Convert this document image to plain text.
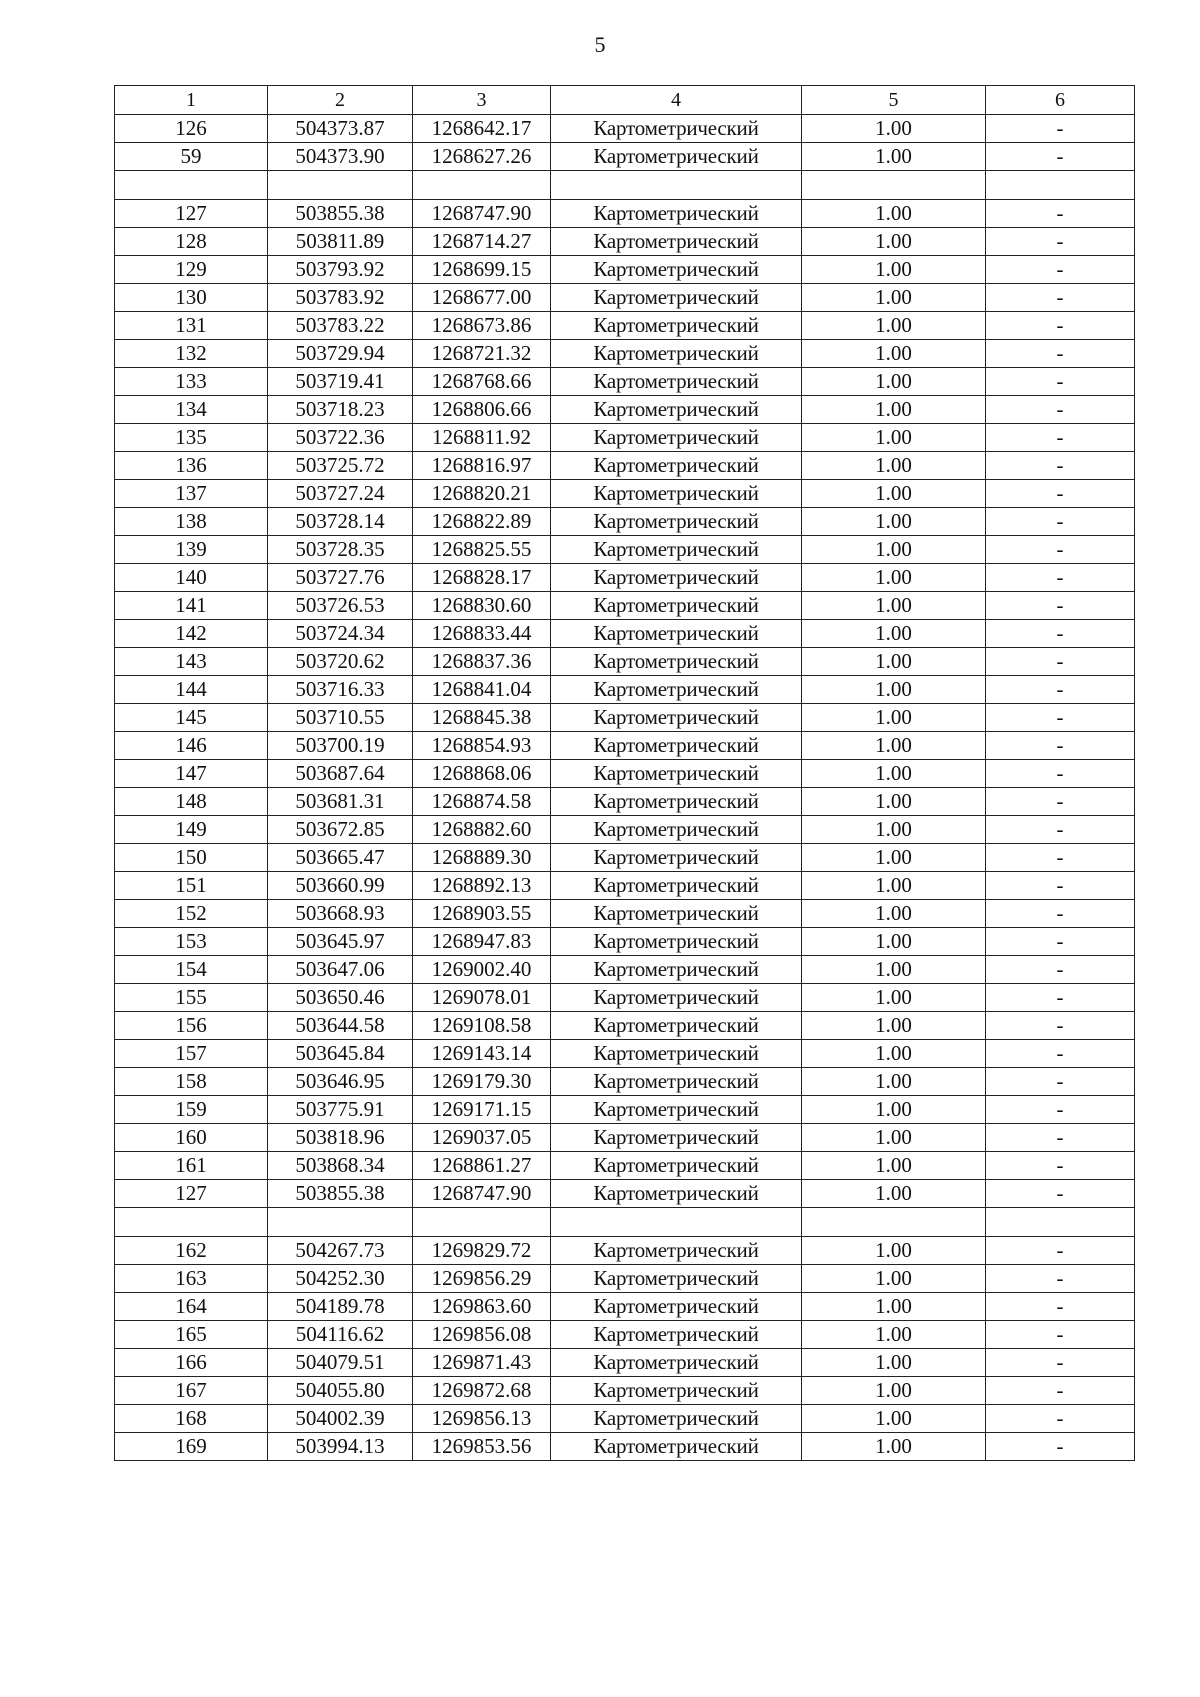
5
1	2	3	4	5	6
126	504373.87	1268642.17	Картометрический	1.00	-
59	504373.90	1268627.26	Картометрический	1.00	-

127	503855.38	1268747.90	Картометрический	1.00	-
128	503811.89	1268714.27	Картометрический	1.00	-
129	503793.92	1268699.15	Картометрический	1.00	-
130	503783.92	1268677.00	Картометрический	1.00	-
131	503783.22	1268673.86	Картометрический	1.00	-
132	503729.94	1268721.32	Картометрический	1.00	-
133	503719.41	1268768.66	Картометрический	1.00	-
134	503718.23	1268806.66	Картометрический	1.00	-
135	503722.36	1268811.92	Картометрический	1.00	-
136	503725.72	1268816.97	Картометрический	1.00	-
137	503727.24	1268820.21	Картометрический	1.00	-
138	503728.14	1268822.89	Картометрический	1.00	-
139	503728.35	1268825.55	Картометрический	1.00	-
140	503727.76	1268828.17	Картометрический	1.00	-
141	503726.53	1268830.60	Картометрический	1.00	-
142	503724.34	1268833.44	Картометрический	1.00	-
143	503720.62	1268837.36	Картометрический	1.00	-
144	503716.33	1268841.04	Картометрический	1.00	-
145	503710.55	1268845.38	Картометрический	1.00	-
146	503700.19	1268854.93	Картометрический	1.00	-
147	503687.64	1268868.06	Картометрический	1.00	-
148	503681.31	1268874.58	Картометрический	1.00	-
149	503672.85	1268882.60	Картометрический	1.00	-
150	503665.47	1268889.30	Картометрический	1.00	-
151	503660.99	1268892.13	Картометрический	1.00	-
152	503668.93	1268903.55	Картометрический	1.00	-
153	503645.97	1268947.83	Картометрический	1.00	-
154	503647.06	1269002.40	Картометрический	1.00	-
155	503650.46	1269078.01	Картометрический	1.00	-
156	503644.58	1269108.58	Картометрический	1.00	-
157	503645.84	1269143.14	Картометрический	1.00	-
158	503646.95	1269179.30	Картометрический	1.00	-
159	503775.91	1269171.15	Картометрический	1.00	-
160	503818.96	1269037.05	Картометрический	1.00	-
161	503868.34	1268861.27	Картометрический	1.00	-
127	503855.38	1268747.90	Картометрический	1.00	-

162	504267.73	1269829.72	Картометрический	1.00	-
163	504252.30	1269856.29	Картометрический	1.00	-
164	504189.78	1269863.60	Картометрический	1.00	-
165	504116.62	1269856.08	Картометрический	1.00	-
166	504079.51	1269871.43	Картометрический	1.00	-
167	504055.80	1269872.68	Картометрический	1.00	-
168	504002.39	1269856.13	Картометрический	1.00	-
169	503994.13	1269853.56	Картометрический	1.00	-
